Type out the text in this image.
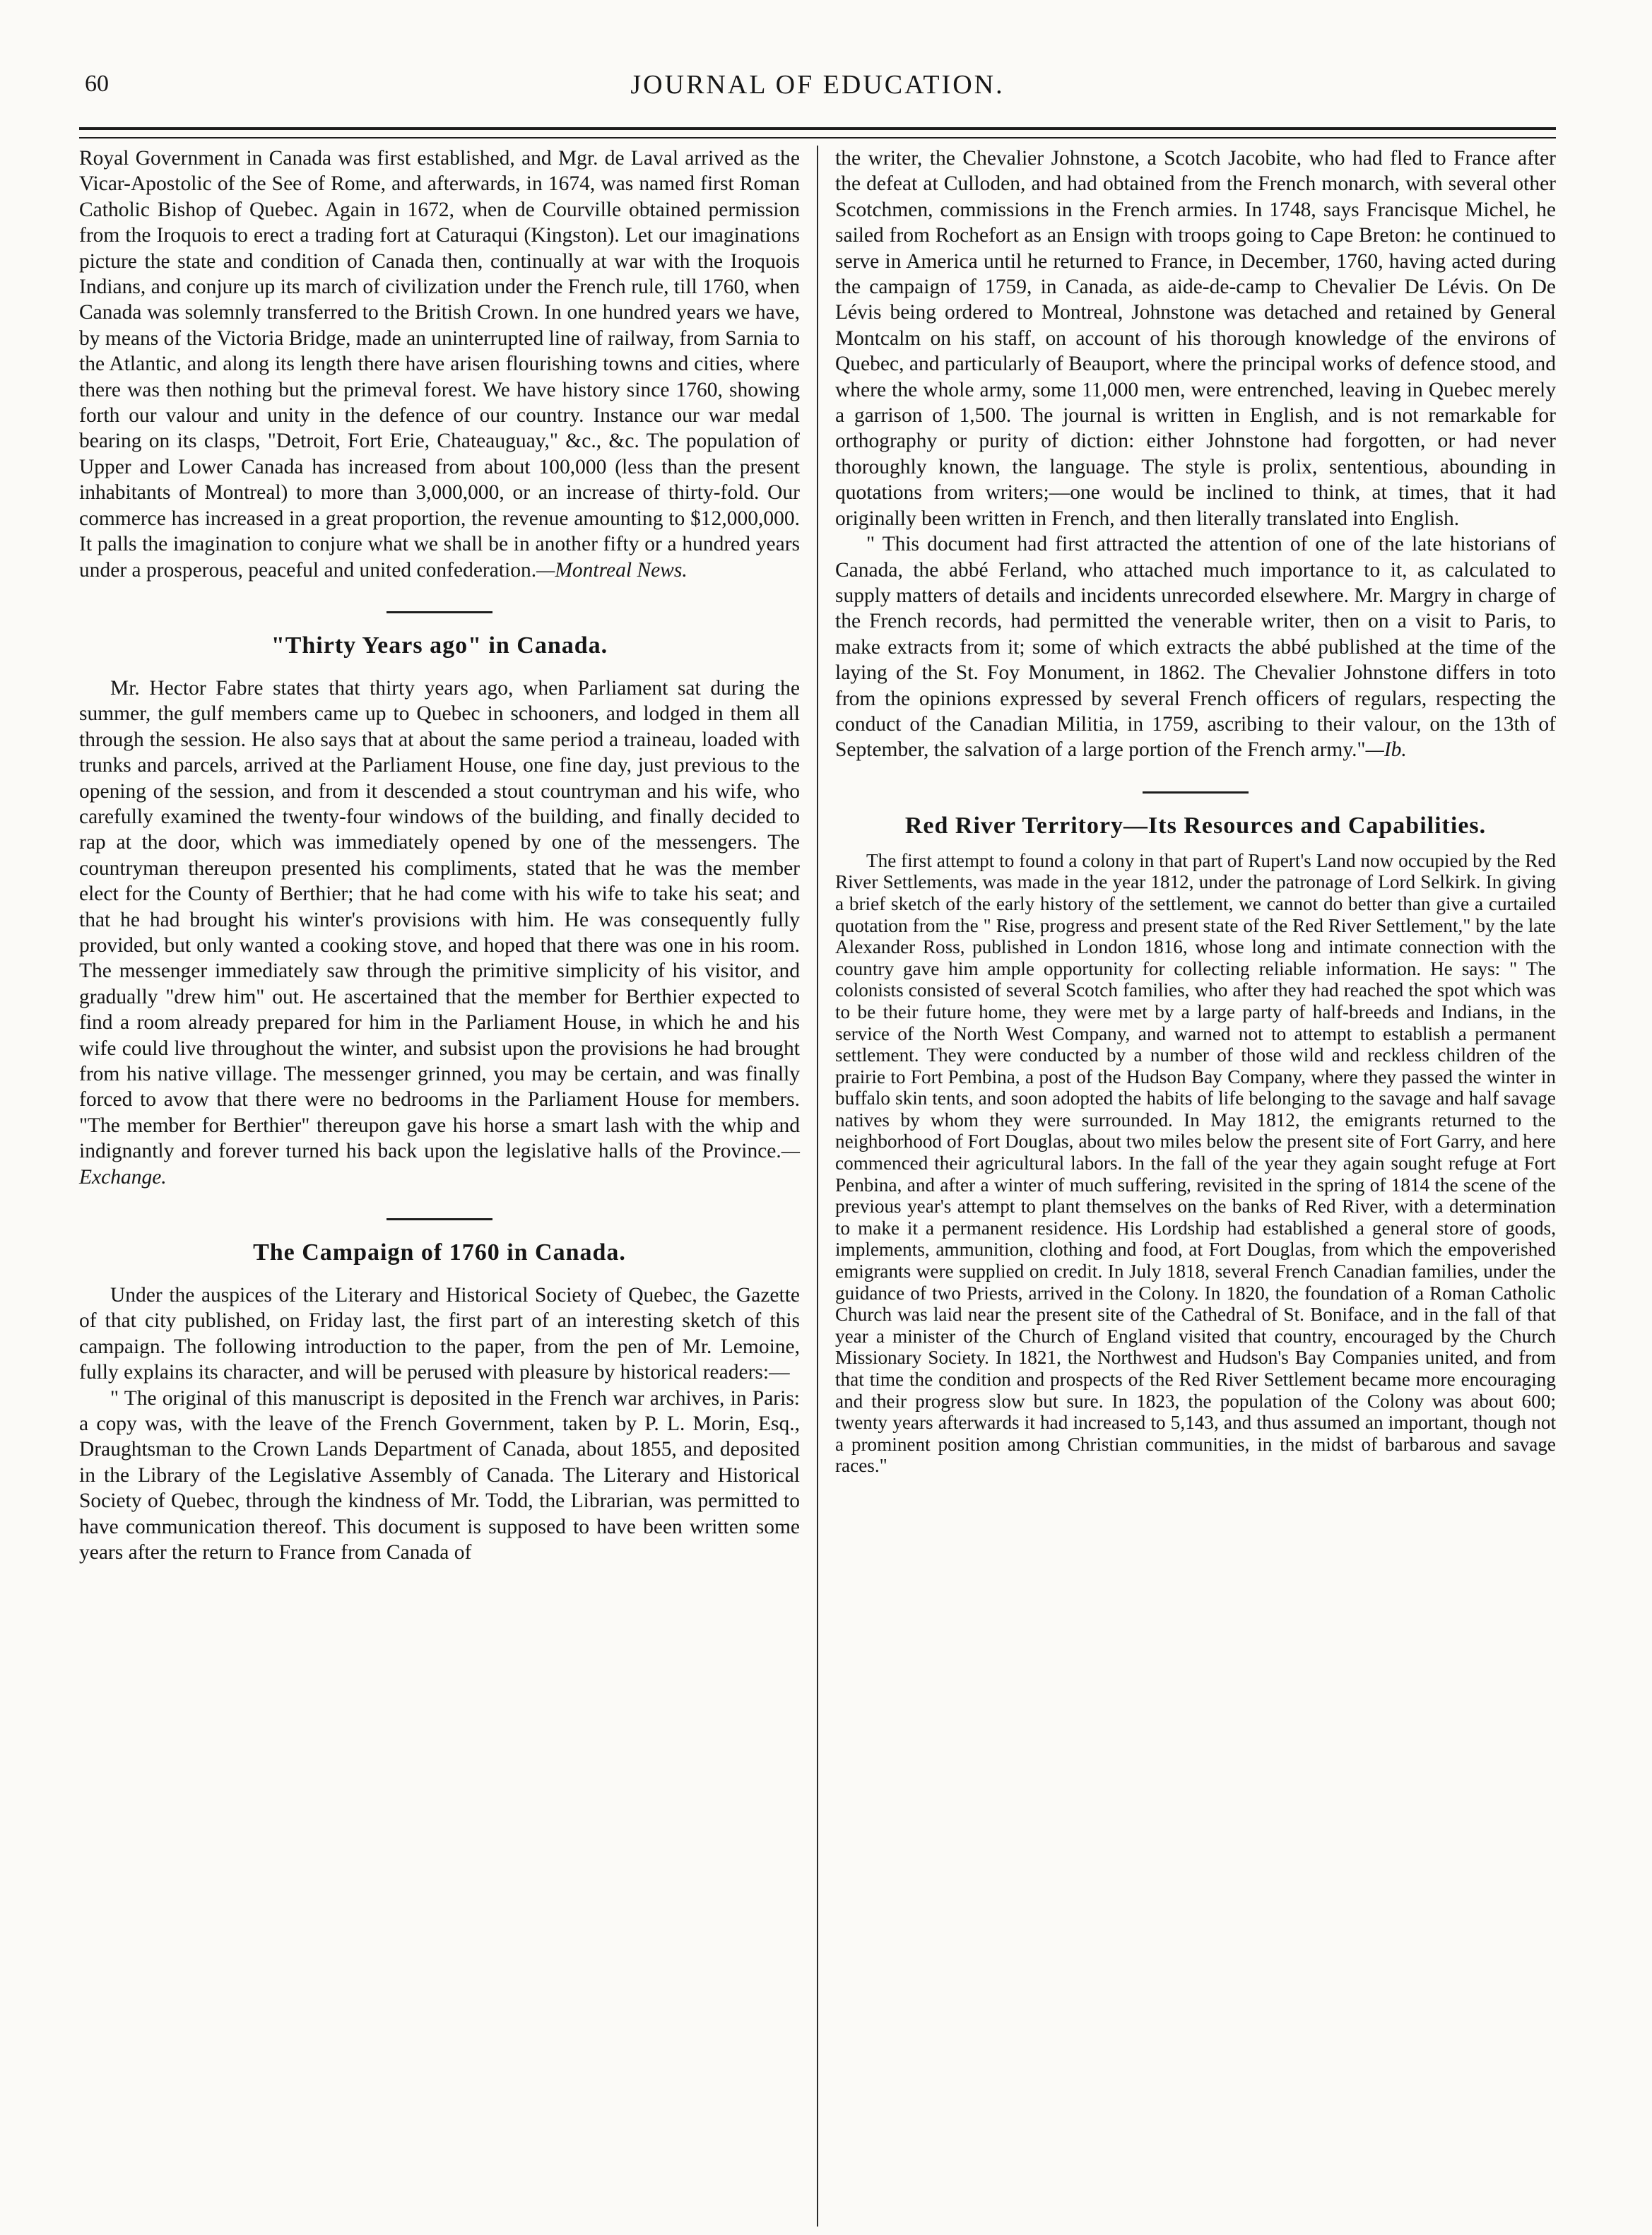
60	JOURNAL OF EDUCATION.

Royal Government in Canada was first established, and Mgr. de Laval arrived as the Vicar-Apostolic of the See of Rome, and afterwards, in 1674, was named first Roman Catholic Bishop of Quebec. Again in 1672, when de Courville obtained permission from the Iroquois to erect a trading fort at Caturaqui (Kingston). Let our imaginations picture the state and condition of Canada then, continually at war with the Iroquois Indians, and conjure up its march of civilization under the French rule, till 1760, when Canada was solemnly transferred to the British Crown. In one hundred years we have, by means of the Victoria Bridge, made an uninterrupted line of railway, from Sarnia to the Atlantic, and along its length there have arisen flourishing towns and cities, where there was then nothing but the primeval forest. We have history since 1760, showing forth our valour and unity in the defence of our country. Instance our war medal bearing on its clasps, "Detroit, Fort Erie, Chateauguay," &c., &c. The population of Upper and Lower Canada has increased from about 100,000 (less than the present inhabitants of Montreal) to more than 3,000,000, or an increase of thirty-fold. Our commerce has increased in a great proportion, the revenue amounting to $12,000,000. It palls the imagination to conjure what we shall be in another fifty or a hundred years under a prosperous, peaceful and united confederation.—Montreal News.

"Thirty Years ago" in Canada.

Mr. Hector Fabre states that thirty years ago, when Parliament sat during the summer, the gulf members came up to Quebec in schooners, and lodged in them all through the session. He also says that at about the same period a traineau, loaded with trunks and parcels, arrived at the Parliament House, one fine day, just previous to the opening of the session, and from it descended a stout countryman and his wife, who carefully examined the twenty-four windows of the building, and finally decided to rap at the door, which was immediately opened by one of the messengers. The countryman thereupon presented his compliments, stated that he was the member elect for the County of Berthier; that he had come with his wife to take his seat; and that he had brought his winter's provisions with him. He was consequently fully provided, but only wanted a cooking stove, and hoped that there was one in his room. The messenger immediately saw through the primitive simplicity of his visitor, and gradually "drew him" out. He ascertained that the member for Berthier expected to find a room already prepared for him in the Parliament House, in which he and his wife could live throughout the winter, and subsist upon the provisions he had brought from his native village. The messenger grinned, you may be certain, and was finally forced to avow that there were no bedrooms in the Parliament House for members. "The member for Berthier" thereupon gave his horse a smart lash with the whip and indignantly and forever turned his back upon the legislative halls of the Province.—Exchange.

The Campaign of 1760 in Canada.

Under the auspices of the Literary and Historical Society of Quebec, the Gazette of that city published, on Friday last, the first part of an interesting sketch of this campaign. The following introduction to the paper, from the pen of Mr. Lemoine, fully explains its character, and will be perused with pleasure by historical readers:—

" The original of this manuscript is deposited in the French war archives, in Paris: a copy was, with the leave of the French Government, taken by P. L. Morin, Esq., Draughtsman to the Crown Lands Department of Canada, about 1855, and deposited in the Library of the Legislative Assembly of Canada. The Literary and Historical Society of Quebec, through the kindness of Mr. Todd, the Librarian, was permitted to have communication thereof. This document is supposed to have been written some years after the return to France from Canada of

the writer, the Chevalier Johnstone, a Scotch Jacobite, who had fled to France after the defeat at Culloden, and had obtained from the French monarch, with several other Scotchmen, commissions in the French armies. In 1748, says Francisque Michel, he sailed from Rochefort as an Ensign with troops going to Cape Breton: he continued to serve in America until he returned to France, in December, 1760, having acted during the campaign of 1759, in Canada, as aide-de-camp to Chevalier De Lévis. On De Lévis being ordered to Montreal, Johnstone was detached and retained by General Montcalm on his staff, on account of his thorough knowledge of the environs of Quebec, and particularly of Beauport, where the principal works of defence stood, and where the whole army, some 11,000 men, were entrenched, leaving in Quebec merely a garrison of 1,500. The journal is written in English, and is not remarkable for orthography or purity of diction: either Johnstone had forgotten, or had never thoroughly known, the language. The style is prolix, sententious, abounding in quotations from writers;—one would be inclined to think, at times, that it had originally been written in French, and then literally translated into English.

" This document had first attracted the attention of one of the late historians of Canada, the abbé Ferland, who attached much importance to it, as calculated to supply matters of details and incidents unrecorded elsewhere. Mr. Margry in charge of the French records, had permitted the venerable writer, then on a visit to Paris, to make extracts from it; some of which extracts the abbé published at the time of the laying of the St. Foy Monument, in 1862. The Chevalier Johnstone differs in toto from the opinions expressed by several French officers of regulars, respecting the conduct of the Canadian Militia, in 1759, ascribing to their valour, on the 13th of September, the salvation of a large portion of the French army."—Ib.

Red River Territory—Its Resources and Capabilities.

The first attempt to found a colony in that part of Rupert's Land now occupied by the Red River Settlements, was made in the year 1812, under the patronage of Lord Selkirk. In giving a brief sketch of the early history of the settlement, we cannot do better than give a curtailed quotation from the " Rise, progress and present state of the Red River Settlement," by the late Alexander Ross, published in London 1816, whose long and intimate connection with the country gave him ample opportunity for collecting reliable information. He says: " The colonists consisted of several Scotch families, who after they had reached the spot which was to be their future home, they were met by a large party of half-breeds and Indians, in the service of the North West Company, and warned not to attempt to establish a permanent settlement. They were conducted by a number of those wild and reckless children of the prairie to Fort Pembina, a post of the Hudson Bay Company, where they passed the winter in buffalo skin tents, and soon adopted the habits of life belonging to the savage and half savage natives by whom they were surrounded. In May 1812, the emigrants returned to the neighborhood of Fort Douglas, about two miles below the present site of Fort Garry, and here commenced their agricultural labors. In the fall of the year they again sought refuge at Fort Penbina, and after a winter of much suffering, revisited in the spring of 1814 the scene of the previous year's attempt to plant themselves on the banks of Red River, with a determination to make it a permanent residence. His Lordship had established a general store of goods, implements, ammunition, clothing and food, at Fort Douglas, from which the empoverished emigrants were supplied on credit. In July 1818, several French Canadian families, under the guidance of two Priests, arrived in the Colony. In 1820, the foundation of a Roman Catholic Church was laid near the present site of the Cathedral of St. Boniface, and in the fall of that year a minister of the Church of England visited that country, encouraged by the Church Missionary Society. In 1821, the Northwest and Hudson's Bay Companies united, and from that time the condition and prospects of the Red River Settlement became more encouraging and their progress slow but sure. In 1823, the population of the Colony was about 600; twenty years afterwards it had increased to 5,143, and thus assumed an important, though not a prominent position among Christian communities, in the midst of barbarous and savage races."
